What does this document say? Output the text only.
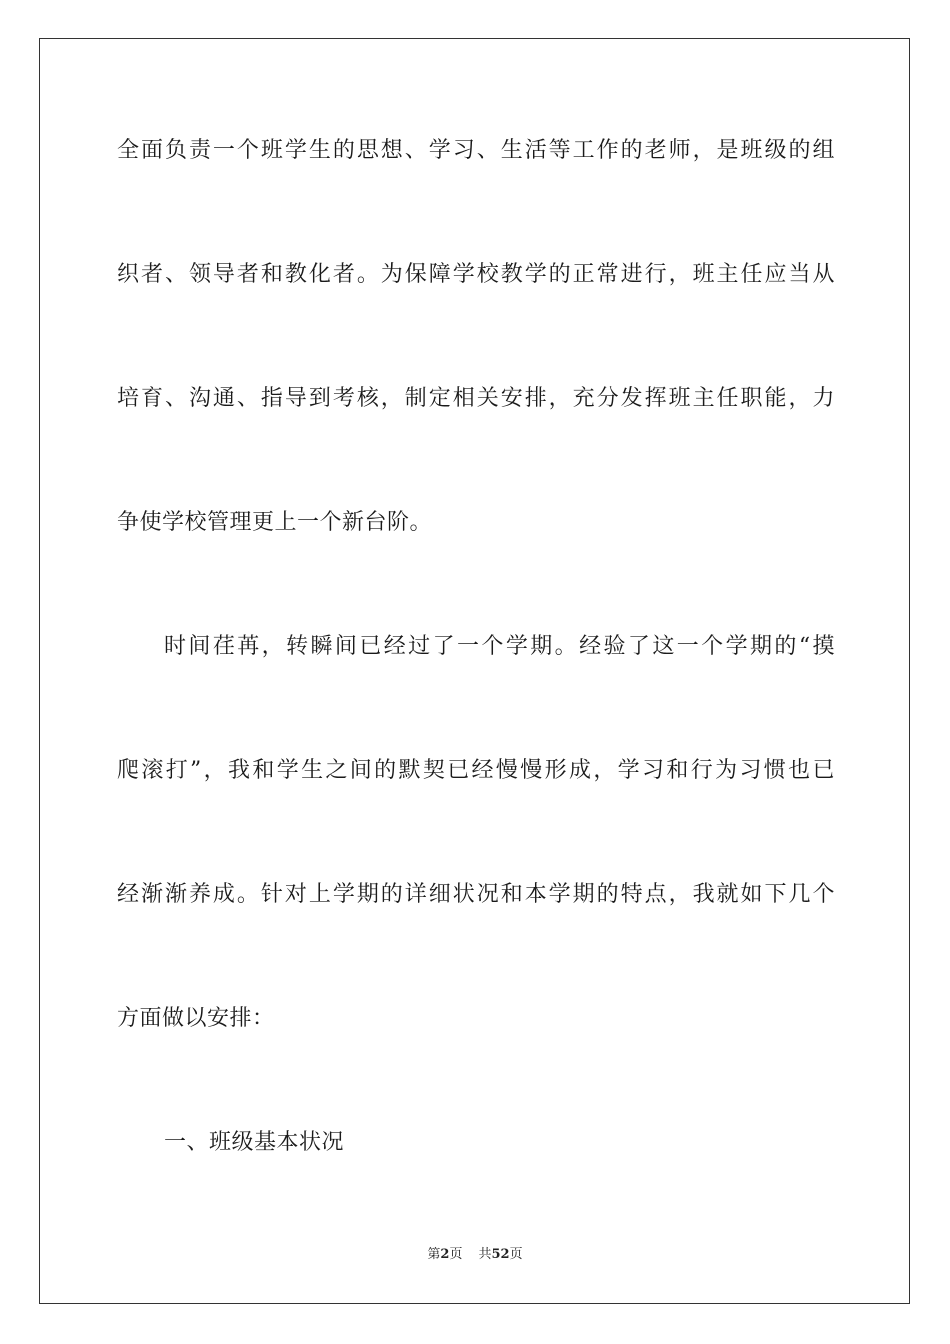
全面负责一个班学生的思想、学习、生活等工作的老师，是班级的组
织者、领导者和教化者。为保障学校教学的正常进行，班主任应当从
培育、沟通、指导到考核，制定相关安排，充分发挥班主任职能，力
争使学校管理更上一个新台阶。
时间荏苒，转瞬间已经过了一个学期。经验了这一个学期的“摸
爬滚打”，我和学生之间的默契已经慢慢形成，学习和行为习惯也已
经渐渐养成。针对上学期的详细状况和本学期的特点，我就如下几个
方面做以安排：
一、班级基本状况
第2页 共52页
